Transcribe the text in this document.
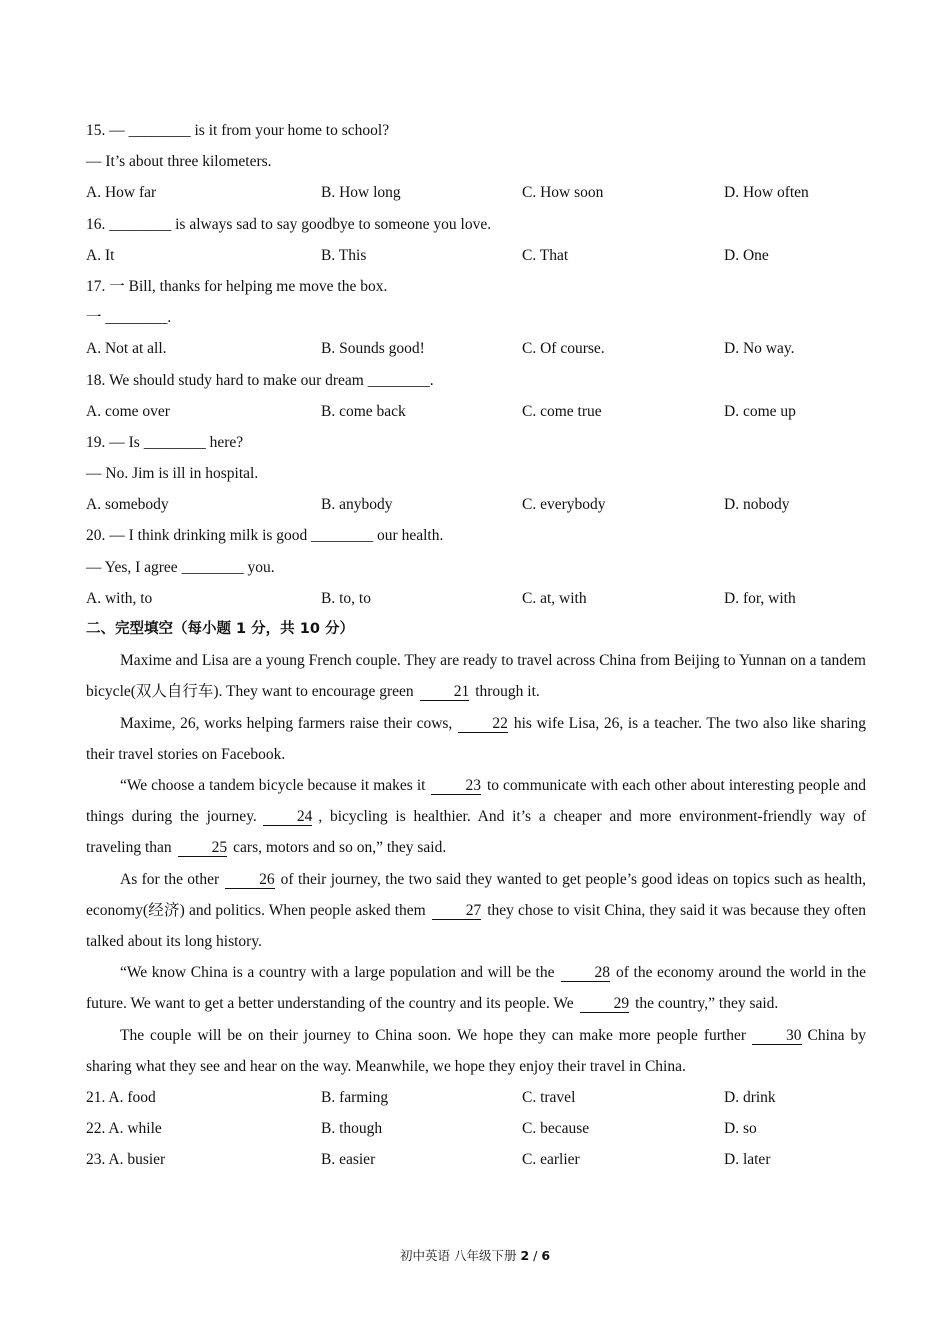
15. — ________ is it from your home to school?
— It’s about three kilometers.
A. How far	B. How long	C. How soon	D. How often
16. ________ is always sad to say goodbye to someone you love.
A. It	B. This	C. That	D. One
17. 一 Bill, thanks for helping me move the box.
一 ________.
A. Not at all.	B. Sounds good!	C. Of course.	D. No way.
18. We should study hard to make our dream ________.
A. come over	B. come back	C. come true	D. come up
19. — Is ________ here?
— No. Jim is ill in hospital.
A. somebody	B. anybody	C. everybody	D. nobody
20. — I think drinking milk is good ________ our health.
— Yes, I agree ________ you.
A. with, to	B. to, to	C. at, with	D. for, with
二、完型填空（每小题 1 分，共 10 分）

Maxime and Lisa are a young French couple. They are ready to travel across China from Beijing to Yunnan on a tandem bicycle(双人自行车). They want to encourage green	21 through it.

Maxime, 26, works helping farmers raise their cows,	22 his wife Lisa, 26, is a teacher. The two also like sharing their travel stories on Facebook.

“We choose a tandem bicycle because it makes it	23 to communicate with each other about interesting people and things during the journey.	24 , bicycling is healthier. And it’s a cheaper and more environment-friendly way of traveling than	25 cars, motors and so on,” they said.

As for the other	26 of their journey, the two said they wanted to get people’s good ideas on topics such as health, economy(经济) and politics. When people asked them	27 they chose to visit China, they said it was because they often talked about its long history.

“We know China is a country with a large population and will be the	28 of the economy around the world in the future. We want to get a better understanding of the country and its people. We	29 the country,” they said.

The couple will be on their journey to China soon. We hope they can make more people further	30 China by sharing what they see and hear on the way. Meanwhile, we hope they enjoy their travel in China.

21. A. food	B. farming	C. travel	D. drink
22. A. while	B. though	C. because	D. so
23. A. busier	B. easier	C. earlier	D. later
初中英语 八年级下册 2 / 6
